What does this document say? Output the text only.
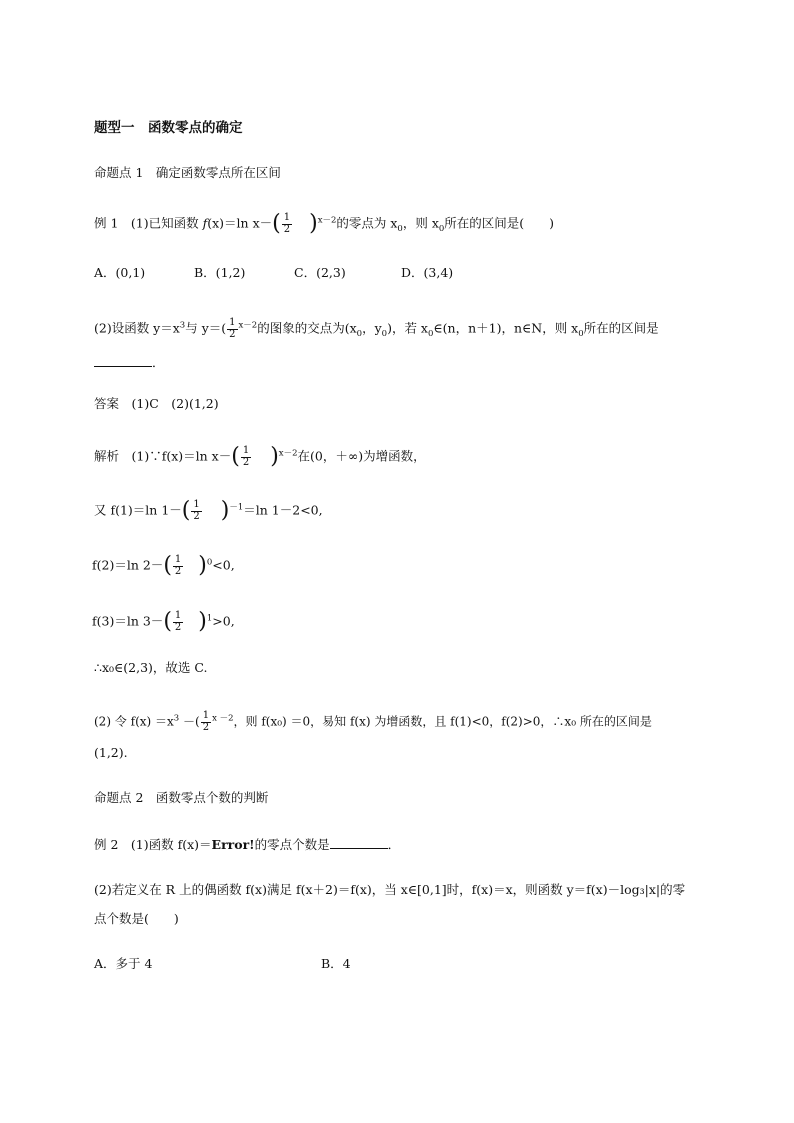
题型一　函数零点的确定
命题点 1　确定函数零点所在区间
例 1　(1)已知函数 f(x)＝ln $x-( \frac{1}{2} )^{x-2}$的零点为 $x_0$，则 $x_0$所在的区间是(　　)
A．(0,1)	B．(1,2)	C．(2,3)	D．(3,4)
(2)设函数 $y=x^3$与 $y=( \frac{1}{2} ^{x-2}$的图象的交点为($x_0$，$y_0$)，若 $x_0\in(n$，n＋1)，n∈N，则 $x_0$所在的区间是
．
答案　(1)C　(2)(1,2)
解析　(1)∵f(x)＝ln $x-( \frac{1}{2} )^{x-2}$在(0，＋∞)为增函数，
又 f(1)＝ln $1-( \frac{1}{2} )^{-1}=\ln$ 1－2<0,
f(2)＝ln $2-( \frac{1}{2} )^0<0$,
f(3)＝ln $3-( \frac{1}{2} )^1>0$,
∴x₀∈(2,3)，故选 C.
(2) 令 $f(x) =x^3$ －( $\frac{1}{2} ^{x -2}$，则 f(x₀) ＝0，易知 f(x) 为增函数，且 f(1)<0，f(2)>0，∴x₀ 所在的区间是
(1,2).
命题点 2　函数零点个数的判断
例 2　(1)函数 f(x)＝Error!的零点个数是	．
(2)若定义在 R 上的偶函数 f(x)满足 f(x＋2)＝f(x)，当 x∈[0,1]时，f(x)＝x，则函数 y＝f(x)－log₃|x|的零
点个数是(　　)
A．多于 4	B．4
